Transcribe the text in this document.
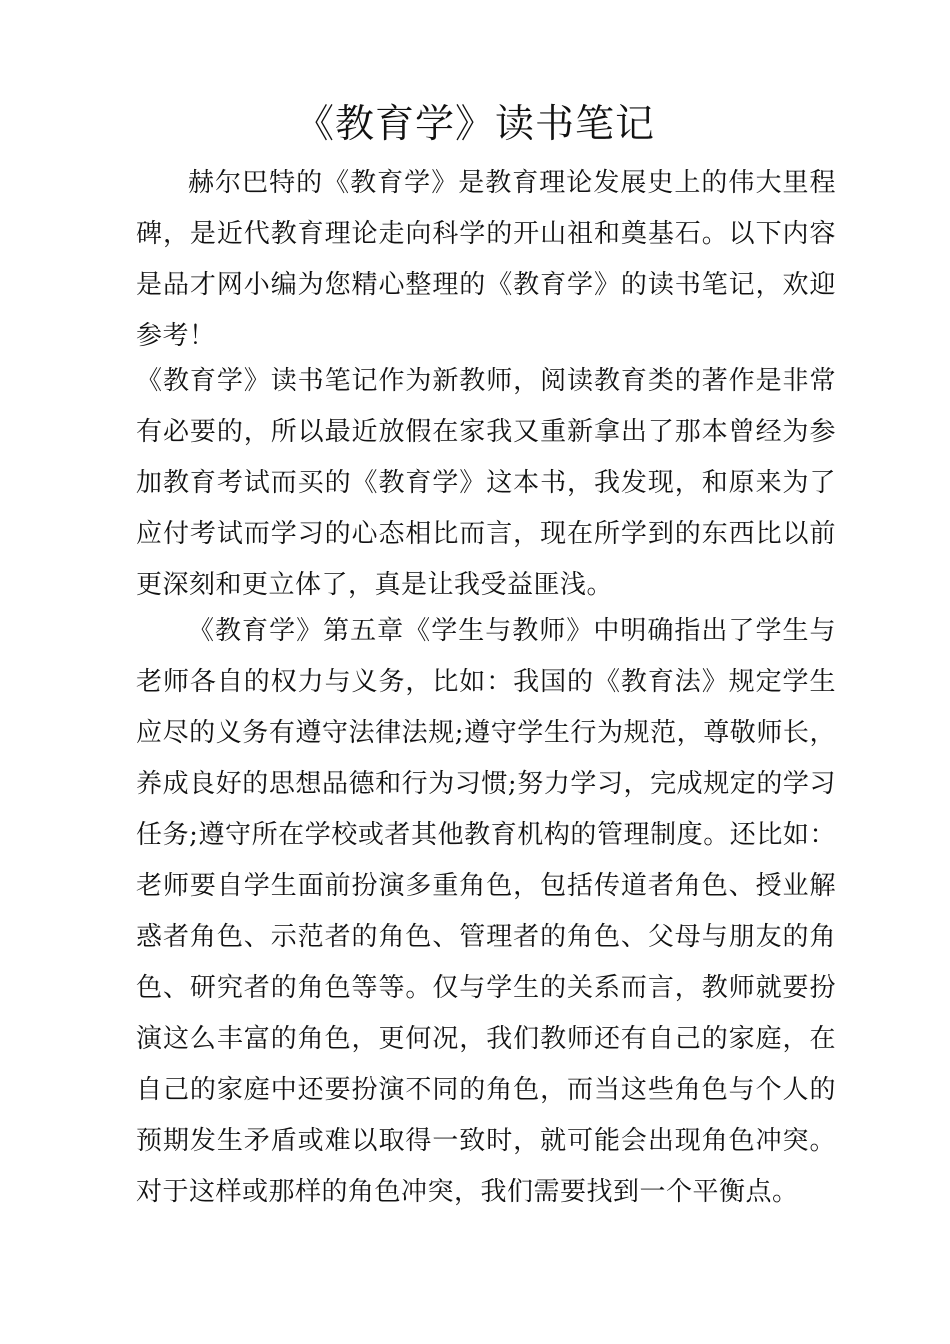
《教育学》读书笔记

赫尔巴特的《教育学》是教育理论发展史上的伟大里程碑，是近代教育理论走向科学的开山祖和奠基石。以下内容是品才网小编为您精心整理的《教育学》的读书笔记，欢迎参考！

《教育学》读书笔记作为新教师，阅读教育类的著作是非常有必要的，所以最近放假在家我又重新拿出了那本曾经为参加教育考试而买的《教育学》这本书，我发现，和原来为了应付考试而学习的心态相比而言，现在所学到的东西比以前更深刻和更立体了，真是让我受益匪浅。

《教育学》第五章《学生与教师》中明确指出了学生与老师各自的权力与义务，比如：我国的《教育法》规定学生应尽的义务有遵守法律法规;遵守学生行为规范，尊敬师长，养成良好的思想品德和行为习惯;努力学习，完成规定的学习任务;遵守所在学校或者其他教育机构的管理制度。还比如：老师要自学生面前扮演多重角色，包括传道者角色、授业解惑者角色、示范者的角色、管理者的角色、父母与朋友的角色、研究者的角色等等。仅与学生的关系而言，教师就要扮演这么丰富的角色，更何况，我们教师还有自己的家庭，在自己的家庭中还要扮演不同的角色，而当这些角色与个人的预期发生矛盾或难以取得一致时，就可能会出现角色冲突。对于这样或那样的角色冲突，我们需要找到一个平衡点。
